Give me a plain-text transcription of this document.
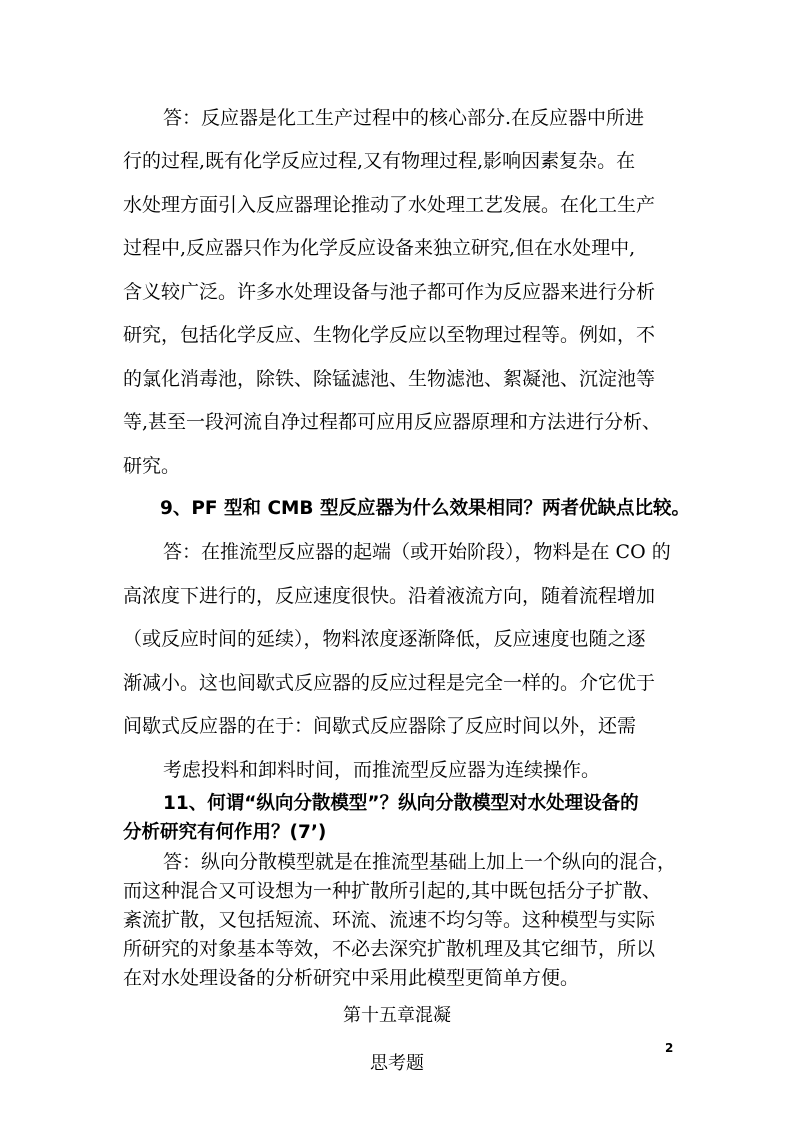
答：反应器是化工生产过程中的核心部分.在反应器中所进
行的过程,既有化学反应过程,又有物理过程,影响因素复杂。在
水处理方面引入反应器理论推动了水处理工艺发展。在化工生产
过程中,反应器只作为化学反应设备来独立研究,但在水处理中,
含义较广泛。许多水处理设备与池子都可作为反应器来进行分析
研究，包括化学反应、生物化学反应以至物理过程等。例如，不
的氯化消毒池，除铁、除锰滤池、生物滤池、絮凝池、沉淀池等
等,甚至一段河流自净过程都可应用反应器原理和方法进行分析、
研究。
9、PF 型和 CMB 型反应器为什么效果相同？两者优缺点比较。
答：在推流型反应器的起端（或开始阶段），物料是在 CO 的
高浓度下进行的，反应速度很快。沿着液流方向，随着流程增加
（或反应时间的延续），物料浓度逐渐降低，反应速度也随之逐
渐减小。这也间歇式反应器的反应过程是完全一样的。介它优于
间歇式反应器的在于：间歇式反应器除了反应时间以外，还需
考虑投料和卸料时间，而推流型反应器为连续操作。
11、何谓“纵向分散模型”？纵向分散模型对水处理设备的
分析研究有何作用？(7’)
答：纵向分散模型就是在推流型基础上加上一个纵向的混合，
而这种混合又可设想为一种扩散所引起的,其中既包括分子扩散、
紊流扩散，又包括短流、环流、流速不均匀等。这种模型与实际
所研究的对象基本等效，不必去深究扩散机理及其它细节，所以
在对水处理设备的分析研究中采用此模型更简单方便。
第十五章混凝
思考题
2
